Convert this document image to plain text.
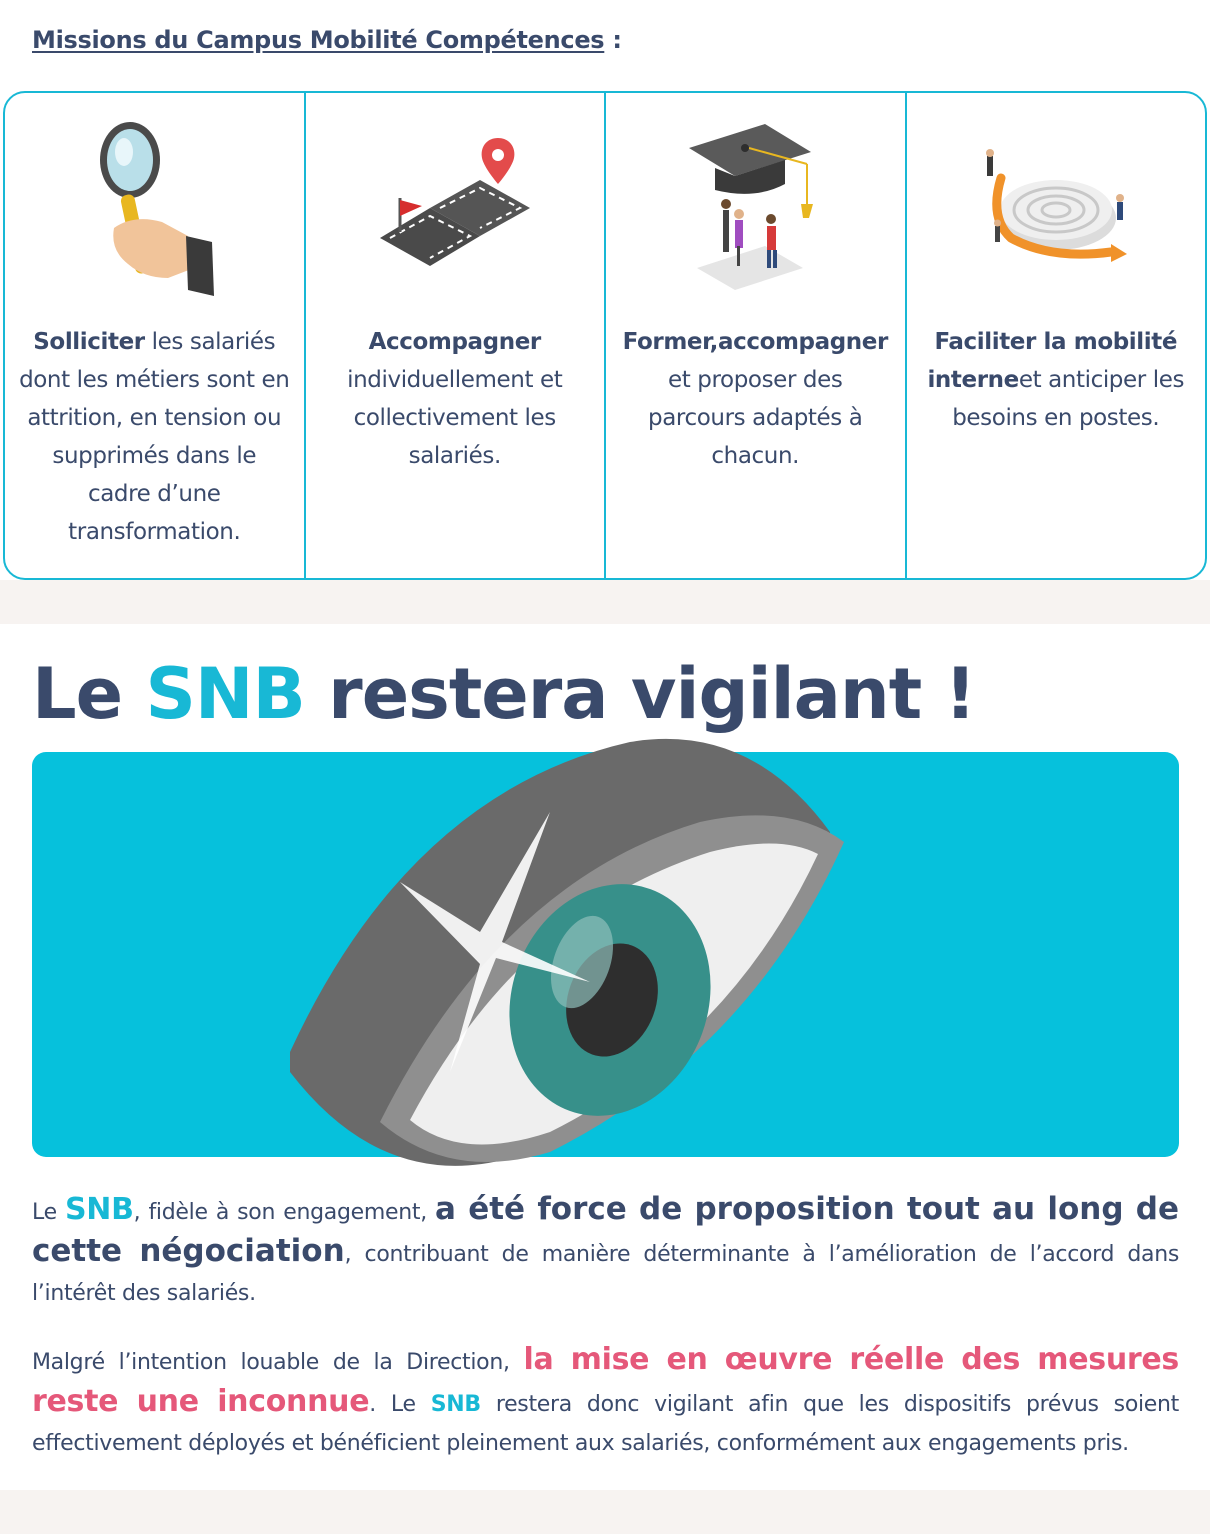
Missions du Campus Mobilité Compétences :
Solliciter les salariés dont les métiers sont en attrition, en tension ou supprimés dans le cadre d’une transformation.
Accompagner individuellement et collectivement les salariés.
Former,accompagner et proposer des parcours adaptés à chacun.
Faciliter la mobilité interneet anticiper les besoins en postes.
Le SNB restera vigilant !
Le SNB, fidèle à son engagement, a été force de proposition tout au long de cette négociation, contribuant de manière déterminante à l’amélioration de l’accord dans l’intérêt des salariés.
Malgré l’intention louable de la Direction, la mise en œuvre réelle des mesures reste une inconnue. Le SNB restera donc vigilant afin que les dispositifs prévus soient effectivement déployés et bénéficient pleinement aux salariés, conformément aux engagements pris.
